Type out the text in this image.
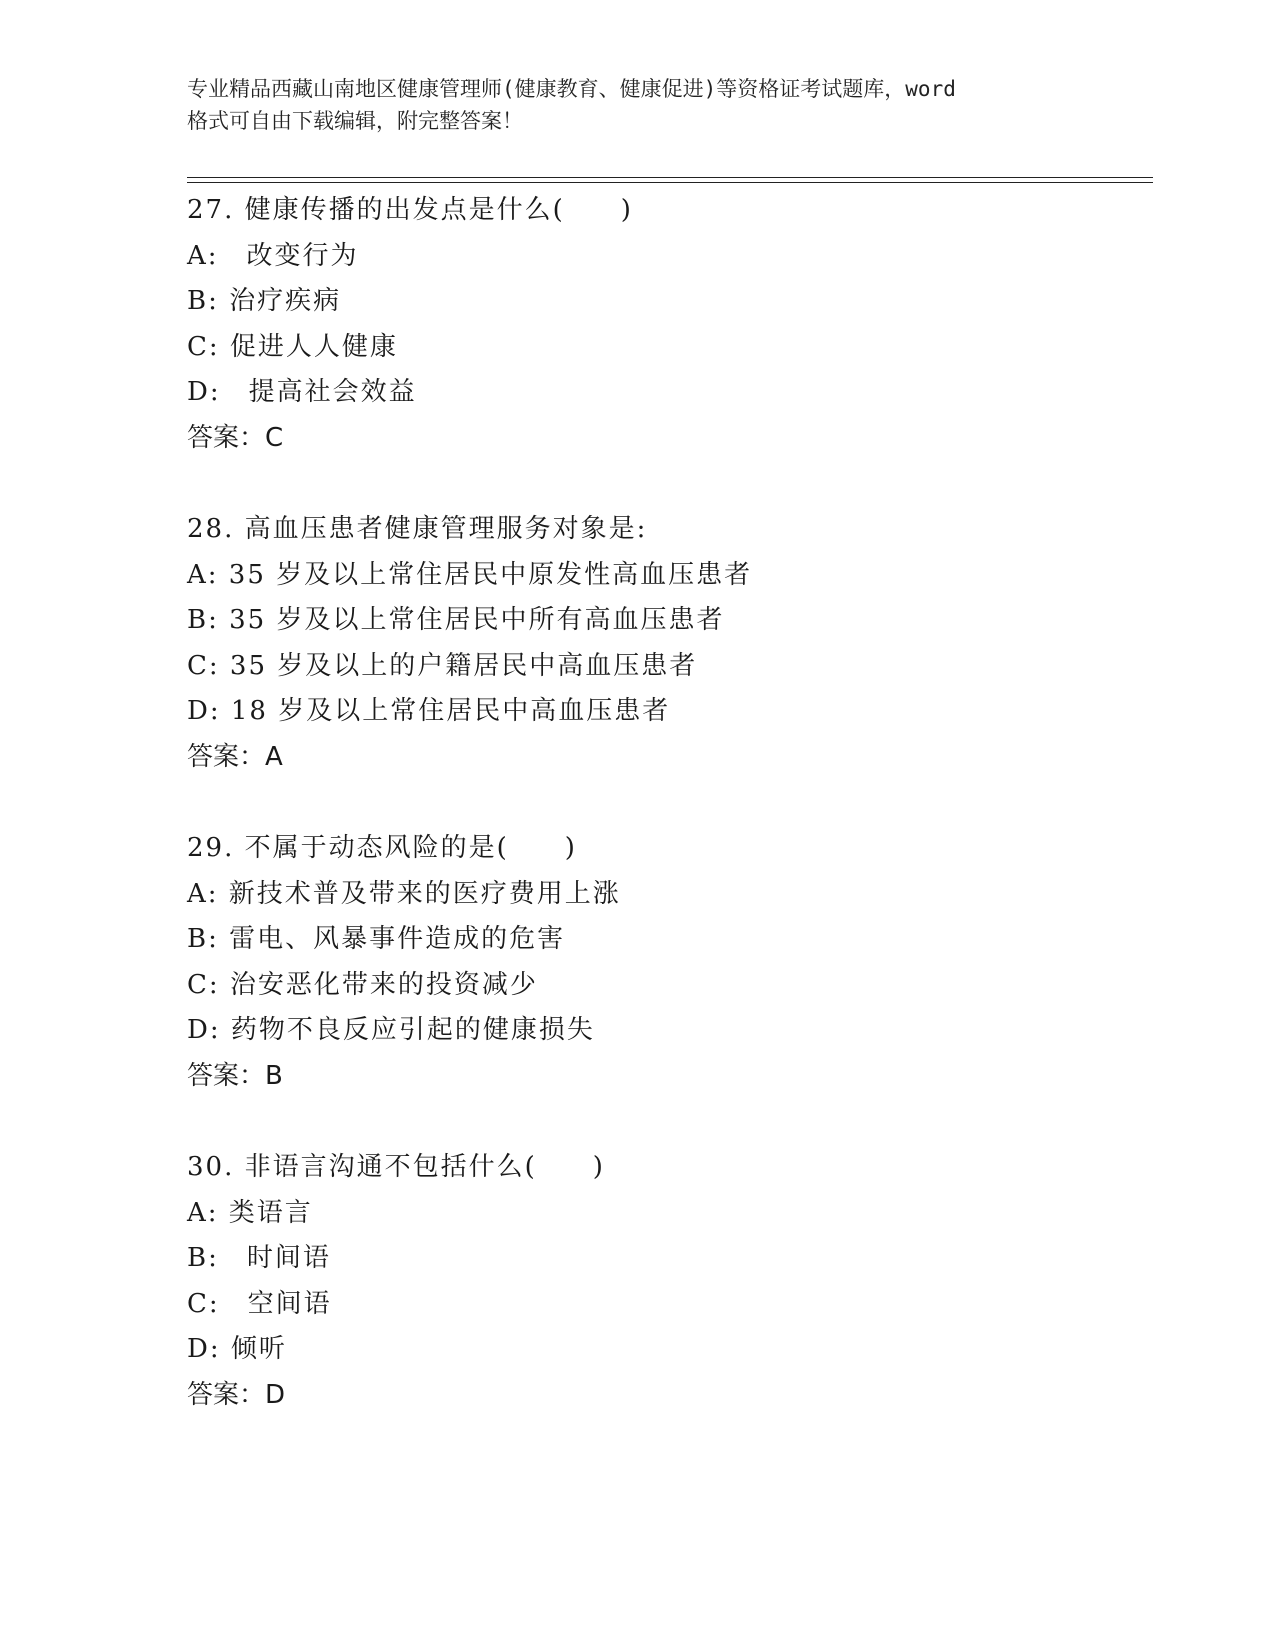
专业精品西藏山南地区健康管理师(健康教育、健康促进)等资格证考试题库，word
格式可自由下载编辑，附完整答案！
27. 健康传播的出发点是什么(　　)
A:　改变行为
B: 治疗疾病
C: 促进人人健康
D:　提高社会效益
答案：C
28. 高血压患者健康管理服务对象是:
A: 35 岁及以上常住居民中原发性高血压患者
B: 35 岁及以上常住居民中所有高血压患者
C: 35 岁及以上的户籍居民中高血压患者
D: 18 岁及以上常住居民中高血压患者
答案：A
29. 不属于动态风险的是(　　)
A: 新技术普及带来的医疗费用上涨
B: 雷电、风暴事件造成的危害
C: 治安恶化带来的投资减少
D: 药物不良反应引起的健康损失
答案：B
30. 非语言沟通不包括什么(　　)
A: 类语言
B:　时间语
C:　空间语
D: 倾听
答案：D
